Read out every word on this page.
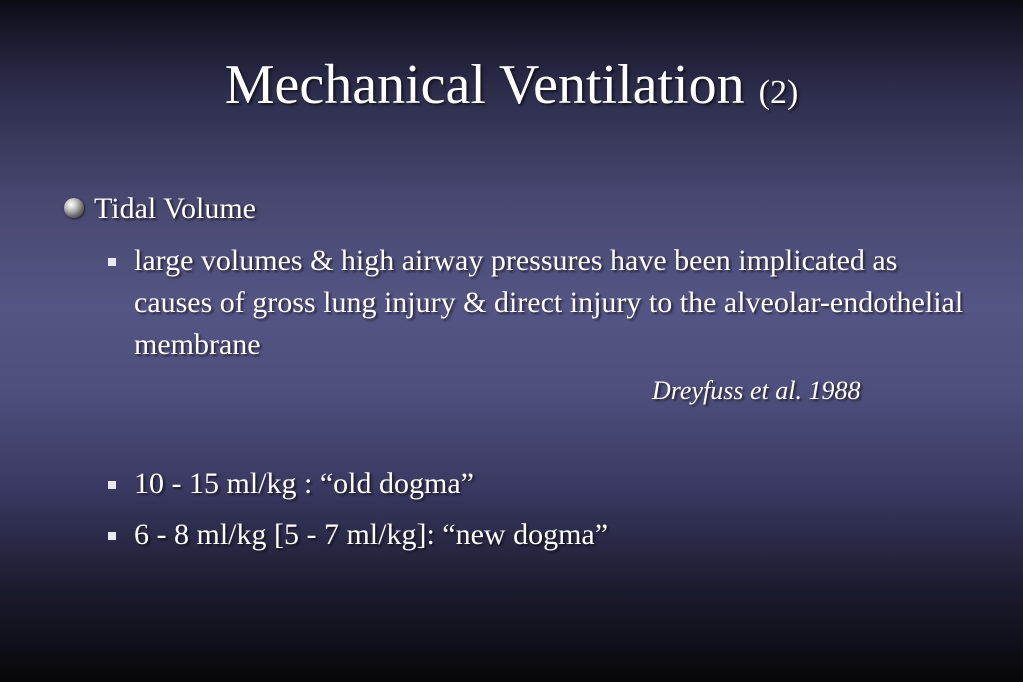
Mechanical Ventilation (2)
Tidal Volume
large volumes & high airway pressures have been implicated as causes of gross lung injury & direct injury to the alveolar-endothelial membrane
Dreyfuss et al. 1988
10 - 15 ml/kg : “old dogma”
6 - 8 ml/kg [5 - 7 ml/kg]: “new dogma”
